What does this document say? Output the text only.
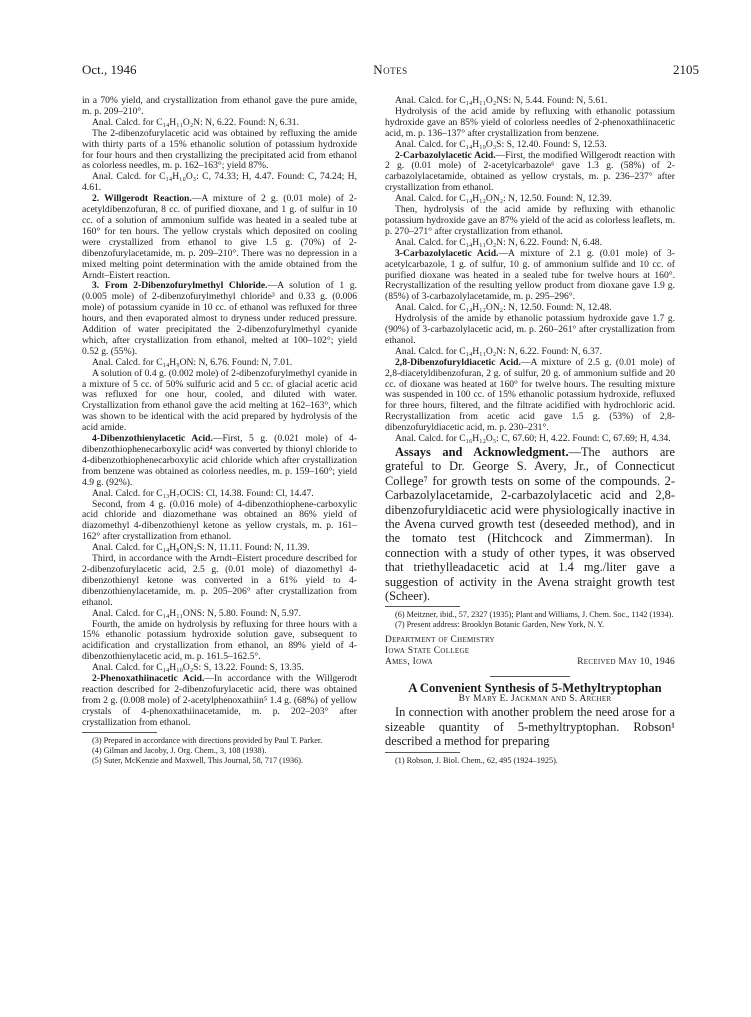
Oct., 1946	Notes	2105

in a 70% yield, and crystallization from ethanol gave the pure amide, m. p. 209–210°.

Anal. Calcd. for C₁₄H₁₁O₂N: N, 6.22. Found: N, 6.31.

The 2-dibenzofurylacetic acid was obtained by refluxing the amide with thirty parts of a 15% ethanolic solution of potassium hydroxide for four hours and then crystallizing the precipitated acid from ethanol as colorless needles, m. p. 162–163°; yield 87%.

Anal. Calcd. for C₁₄H₁₀O₃: C, 74.33; H, 4.47. Found: C, 74.24; H, 4.61.

2. Willgerodt Reaction.—A mixture of 2 g. (0.01 mole) of 2-acetyldibenzofuran, 8 cc. of purified dioxane, and 1 g. of sulfur in 10 cc. of a solution of ammonium sulfide was heated in a sealed tube at 160° for ten hours. The yellow crystals which deposited on cooling were crystallized from ethanol to give 1.5 g. (70%) of 2-dibenzofurylacetamide, m. p. 209–210°. There was no depression in a mixed melting point determination with the amide obtained from the Arndt–Eistert reaction.

3. From 2-Dibenzofurylmethyl Chloride.—A solution of 1 g. (0.005 mole) of 2-dibenzofurylmethyl chloride³ and 0.33 g. (0.006 mole) of potassium cyanide in 10 cc. of ethanol was refluxed for three hours, and then evaporated almost to dryness under reduced pressure. Addition of water precipitated the 2-dibenzofurylmethyl cyanide which, after crystallization from ethanol, melted at 100–102°; yield 0.52 g. (55%).

Anal. Calcd. for C₁₄H₉ON: N, 6.76. Found: N, 7.01.

A solution of 0.4 g. (0.002 mole) of 2-dibenzofurylmethyl cyanide in a mixture of 5 cc. of 50% sulfuric acid and 5 cc. of glacial acetic acid was refluxed for one hour, cooled, and diluted with water. Crystallization from ethanol gave the acid melting at 162–163°, which was shown to be identical with the acid prepared by hydrolysis of the acid amide.

4-Dibenzothienylacetic Acid.—First, 5 g. (0.021 mole) of 4-dibenzothiophenecarboxylic acid⁴ was converted by thionyl chloride to 4-dibenzothiophenecarboxylic acid chloride which after crystallization from benzene was obtained as colorless needles, m. p. 159–160°; yield 4.9 g. (92%).

Anal. Calcd. for C₁₃H₇OClS: Cl, 14.38. Found: Cl, 14.47.

Second, from 4 g. (0.016 mole) of 4-dibenzothiophene-carboxylic acid chloride and diazomethane was obtained an 86% yield of diazomethyl 4-dibenzothienyl ketone as yellow crystals, m. p. 161–162° after crystallization from ethanol.

Anal. Calcd. for C₁₄H₈ON₂S: N, 11.11. Found: N, 11.39.

Third, in accordance with the Arndt–Eistert procedure described for 2-dibenzofurylacetic acid, 2.5 g. (0.01 mole) of diazomethyl 4-dibenzothienyl ketone was converted in a 61% yield to 4-dibenzothienylacetamide, m. p. 205–206° after crystallization from ethanol.

Anal. Calcd. for C₁₄H₁₁ONS: N, 5.80. Found: N, 5.97.

Fourth, the amide on hydrolysis by refluxing for three hours with a 15% ethanolic potassium hydroxide solution gave, subsequent to acidification and crystallization from ethanol, an 89% yield of 4-dibenzothienylacetic acid, m. p. 161.5–162.5°.

Anal. Calcd. for C₁₄H₁₀O₂S: S, 13.22. Found: S, 13.35.

2-Phenoxathiinacetic Acid.—In accordance with the Willgerodt reaction described for 2-dibenzofurylacetic acid, there was obtained from 2 g. (0.008 mole) of 2-acetylphenoxathiin⁵ 1.4 g. (68%) of yellow crystals of 4-phenoxathiinacetamide, m. p. 202–203° after crystallization from ethanol.

(3) Prepared in accordance with directions provided by Paul T. Parker.

(4) Gilman and Jacoby, J. Org. Chem., 3, 108 (1938).

(5) Suter, McKenzie and Maxwell, This Journal, 58, 717 (1936).

Anal. Calcd. for C₁₄H₁₁O₂NS: N, 5.44. Found: N, 5.61.

Hydrolysis of the acid amide by refluxing with ethanolic potassium hydroxide gave an 85% yield of colorless needles of 2-phenoxathiinacetic acid, m. p. 136–137° after crystallization from benzene.

Anal. Calcd. for C₁₄H₁₀O₃S: S, 12.40. Found: S, 12.53.

2-Carbazolylacetic Acid.—First, the modified Willgerodt reaction with 2 g. (0.01 mole) of 2-acetylcarbazole⁶ gave 1.3 g. (58%) of 2-carbazolylacetamide, obtained as yellow crystals, m. p. 236–237° after crystallization from ethanol.

Anal. Calcd. for C₁₄H₁₂ON₂: N, 12.50. Found: N, 12.39.

Then, hydrolysis of the acid amide by refluxing with ethanolic potassium hydroxide gave an 87% yield of the acid as colorless leaflets, m. p. 270–271° after crystallization from ethanol.

Anal. Calcd. for C₁₄H₁₁O₂N: N, 6.22. Found: N, 6.48.

3-Carbazolylacetic Acid.—A mixture of 2.1 g. (0.01 mole) of 3-acetylcarbazole, 1 g. of sulfur, 10 g. of ammonium sulfide and 10 cc. of purified dioxane was heated in a sealed tube for twelve hours at 160°. Recrystallization of the resulting yellow product from dioxane gave 1.9 g. (85%) of 3-carbazolylacetamide, m. p. 295–296°.

Anal. Calcd. for C₁₄H₁₂ON₂: N, 12.50. Found: N, 12.48.

Hydrolysis of the amide by ethanolic potassium hydroxide gave 1.7 g. (90%) of 3-carbazolylacetic acid, m. p. 260–261° after crystallization from ethanol.

Anal. Calcd. for C₁₄H₁₁O₂N: N, 6.22. Found: N, 6.37.

2,8-Dibenzofuryldiacetic Acid.—A mixture of 2.5 g. (0.01 mole) of 2,8-diacetyldibenzofuran, 2 g. of sulfur, 20 g. of ammonium sulfide and 20 cc. of dioxane was heated at 160° for twelve hours. The resulting mixture was suspended in 100 cc. of 15% ethanolic potassium hydroxide, refluxed for three hours, filtered, and the filtrate acidified with hydrochloric acid. Recrystallization from acetic acid gave 1.5 g. (53%) of 2,8-dibenzofuryldiacetic acid, m. p. 230–231°.

Anal. Calcd. for C₁₆H₁₂O₅: C, 67.60; H, 4.22. Found: C, 67.69; H, 4.34.

Assays and Acknowledgment.—The authors are grateful to Dr. George S. Avery, Jr., of Connecticut College⁷ for growth tests on some of the compounds. 2-Carbazolylacetamide, 2-carbazolylacetic acid and 2,8-dibenzofuryldiacetic acid were physiologically inactive in the Avena curved growth test (deseeded method), and in the tomato test (Hitchcock and Zimmerman). In connection with a study of other types, it was observed that triethylleadacetic acid at 1.4 mg./liter gave a suggestion of activity in the Avena straight growth test (Scheer).

(6) Meitzner, ibid., 57, 2327 (1935); Plant and Williams, J. Chem. Soc., 1142 (1934).

(7) Present address: Brooklyn Botanic Garden, New York, N. Y.

Department of Chemistry
Iowa State College
Ames, Iowa	Received May 10, 1946

A Convenient Synthesis of 5-Methyltryptophan

By Mary E. Jackman and S. Archer

In connection with another problem the need arose for a sizeable quantity of 5-methyltryptophan. Robson¹ described a method for preparing

(1) Robson, J. Biol. Chem., 62, 495 (1924–1925).
